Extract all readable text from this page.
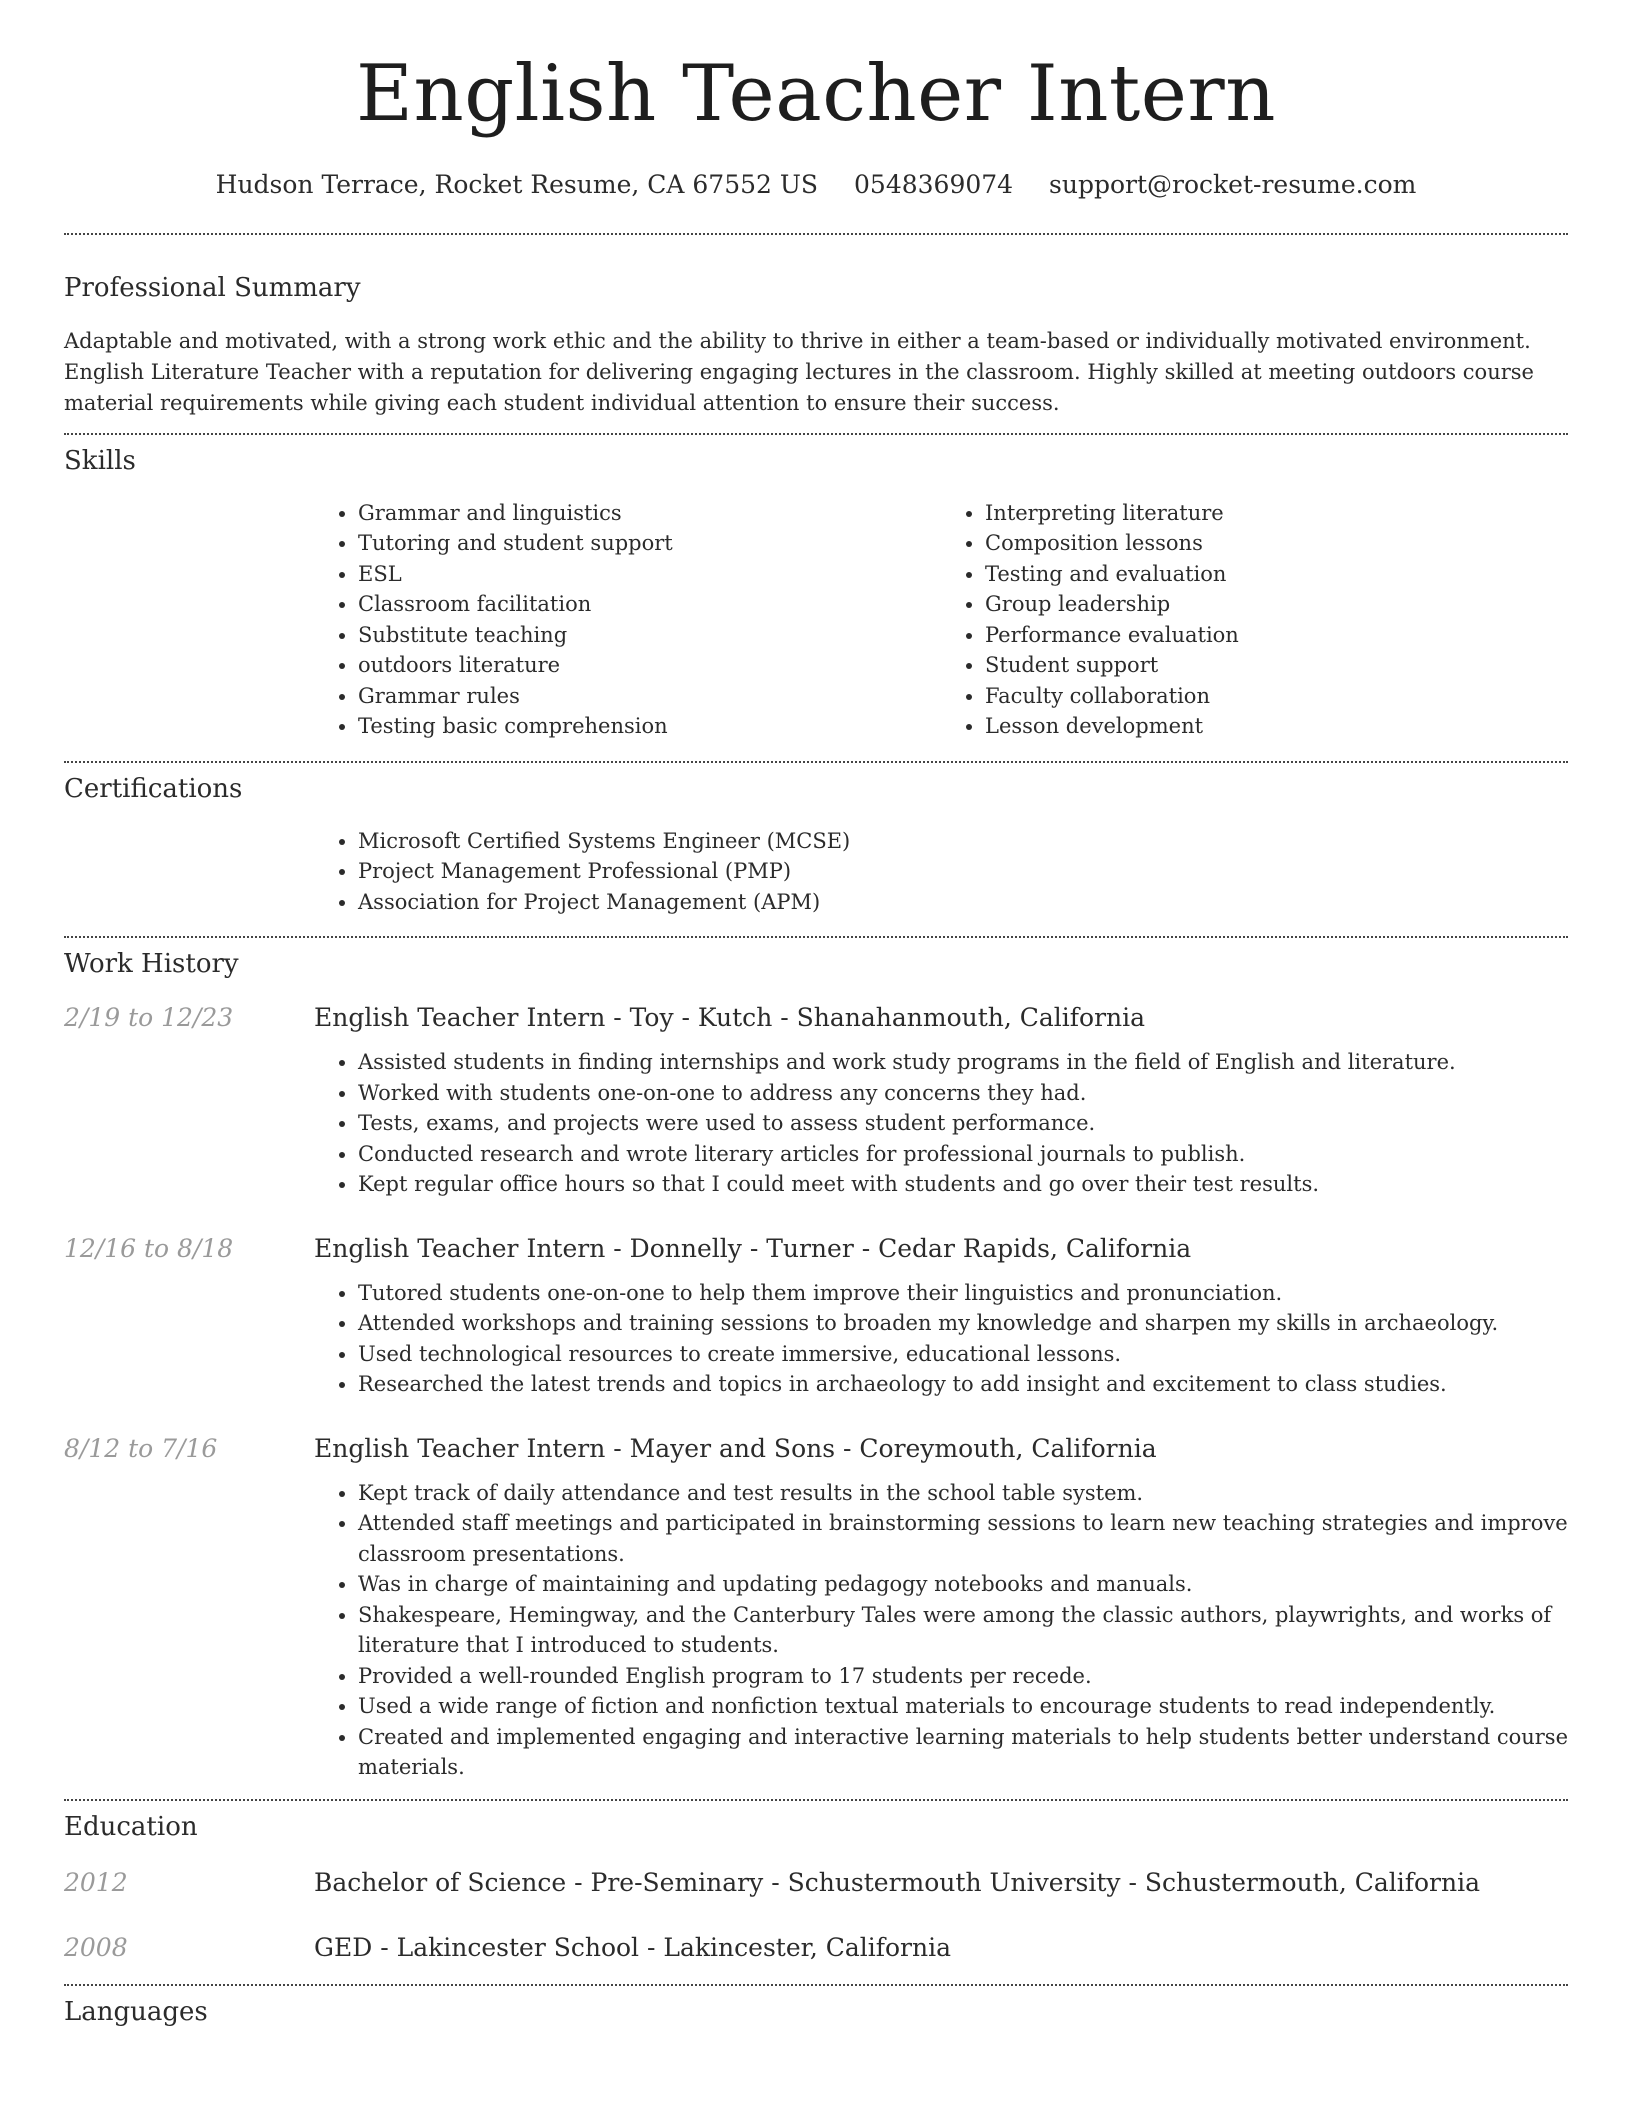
English Teacher Intern
Hudson Terrace, Rocket Resume, CA 67552 US 0548369074 support@rocket-resume.com
Professional Summary

Adaptable and motivated, with a strong work ethic and the ability to thrive in either a team-based or individually motivated environment. English Literature Teacher with a reputation for delivering engaging lectures in the classroom. Highly skilled at meeting outdoors course material requirements while giving each student individual attention to ensure their success.

Skills
• Grammar and linguistics
• Tutoring and student support
• ESL
• Classroom facilitation
• Substitute teaching
• outdoors literature
• Grammar rules
• Testing basic comprehension
• Interpreting literature
• Composition lessons
• Testing and evaluation
• Group leadership
• Performance evaluation
• Student support
• Faculty collaboration
• Lesson development
Certifications
• Microsoft Certified Systems Engineer (MCSE)
• Project Management Professional (PMP)
• Association for Project Management (APM)
Work History
2/19 to 12/23	English Teacher Intern - Toy - Kutch - Shanahanmouth, California
• Assisted students in finding internships and work study programs in the field of English and literature.
• Worked with students one-on-one to address any concerns they had.
• Tests, exams, and projects were used to assess student performance.
• Conducted research and wrote literary articles for professional journals to publish.
• Kept regular office hours so that I could meet with students and go over their test results.
12/16 to 8/18	English Teacher Intern - Donnelly - Turner - Cedar Rapids, California
• Tutored students one-on-one to help them improve their linguistics and pronunciation.
• Attended workshops and training sessions to broaden my knowledge and sharpen my skills in archaeology.
• Used technological resources to create immersive, educational lessons.
• Researched the latest trends and topics in archaeology to add insight and excitement to class studies.
8/12 to 7/16	English Teacher Intern - Mayer and Sons - Coreymouth, California
• Kept track of daily attendance and test results in the school table system.
• Attended staff meetings and participated in brainstorming sessions to learn new teaching strategies and improve classroom presentations.
• Was in charge of maintaining and updating pedagogy notebooks and manuals.
• Shakespeare, Hemingway, and the Canterbury Tales were among the classic authors, playwrights, and works of literature that I introduced to students.
• Provided a well-rounded English program to 17 students per recede.
• Used a wide range of fiction and nonfiction textual materials to encourage students to read independently.
• Created and implemented engaging and interactive learning materials to help students better understand course materials.
Education
2012	Bachelor of Science - Pre-Seminary - Schustermouth University - Schustermouth, California
2008	GED - Lakincester School - Lakincester, California
Languages
